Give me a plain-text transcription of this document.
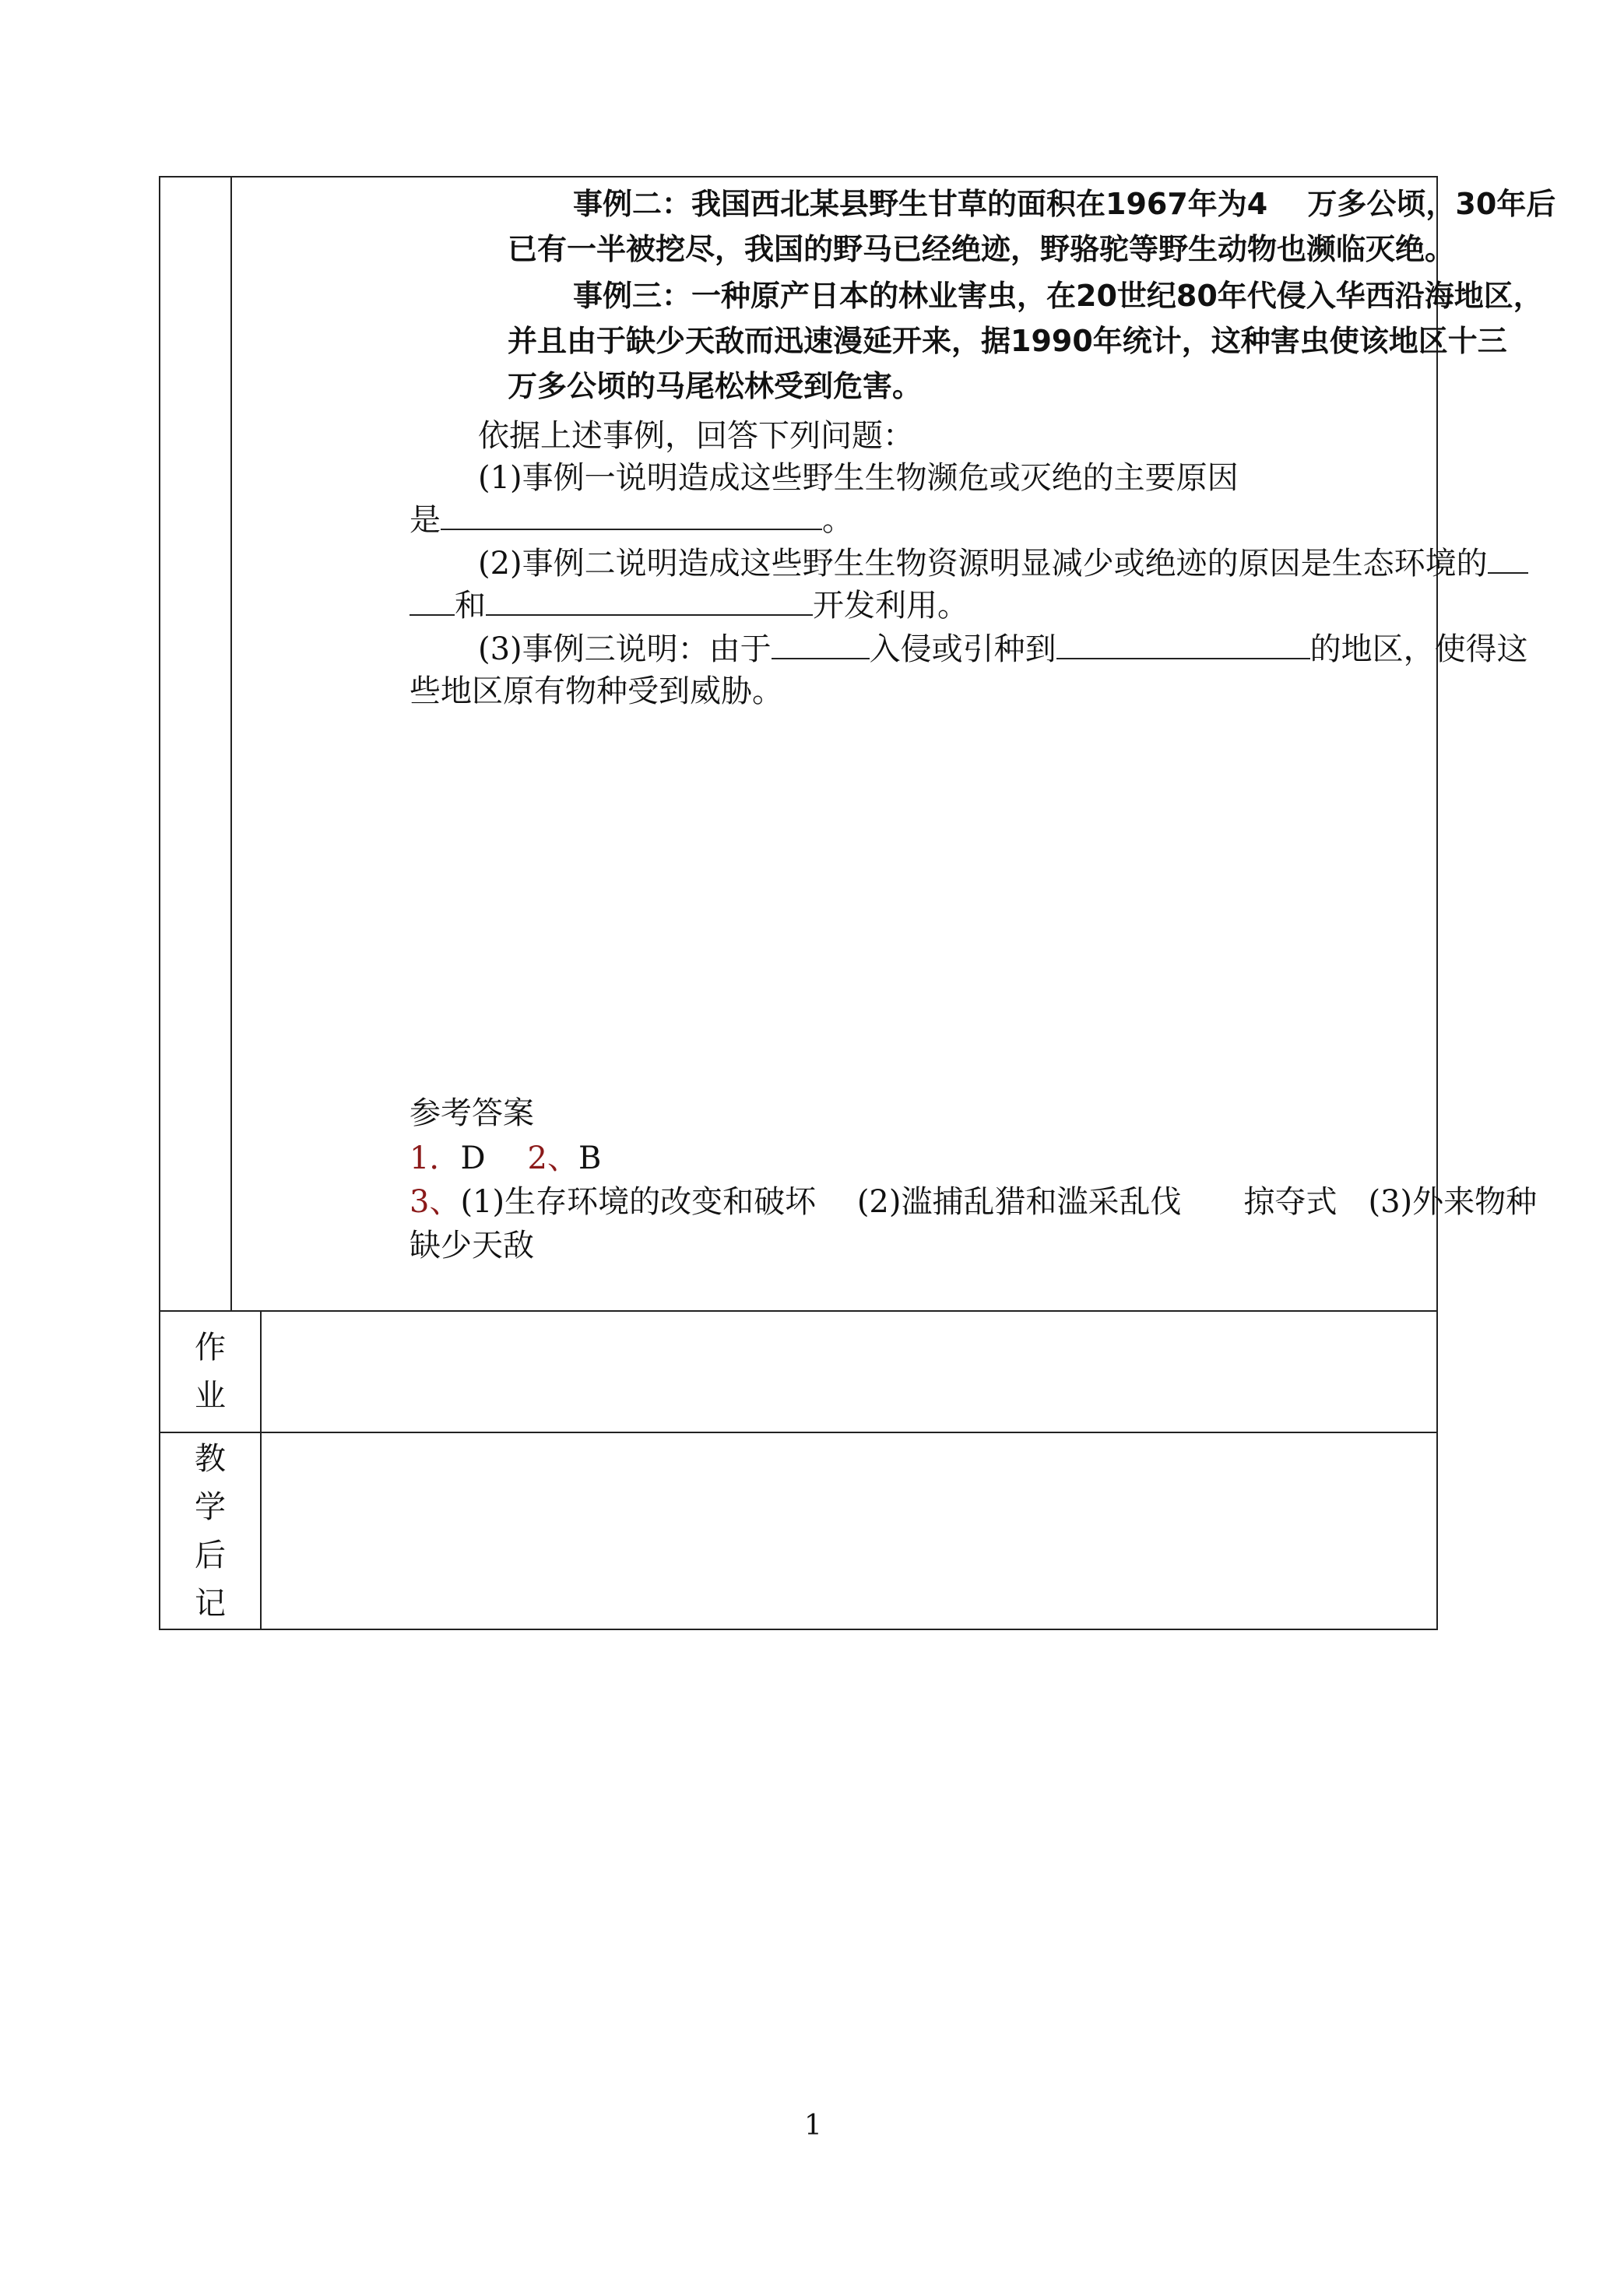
事例二：我国西北某县野生甘草的面积在1967年为4　 万多公顷，30年后
已有一半被挖尽，我国的野马已经绝迹，野骆驼等野生动物也濒临灭绝。
事例三：一种原产日本的林业害虫，在20世纪80年代侵入华西沿海地区，
并且由于缺少天敌而迅速漫延开来，据1990年统计，这种害虫使该地区十三
万多公顷的马尾松林受到危害。
依据上述事例，回答下列问题：
(1)事例一说明造成这些野生生物濒危或灭绝的主要原因
是	。
(2)事例二说明造成这些野生生物资源明显减少或绝迹的原因是生态环境的
和	开发利用。
(3)事例三说明：由于	入侵或引种到	的地区，使得这
些地区原有物种受到威胁。
参考答案
1．D 2、B
3、(1)生存环境的改变和破坏　 (2)滥捕乱猎和滥采乱伐　　掠夺式　(3)外来物种
缺少天敌
作
业
教
学
后
记
1
